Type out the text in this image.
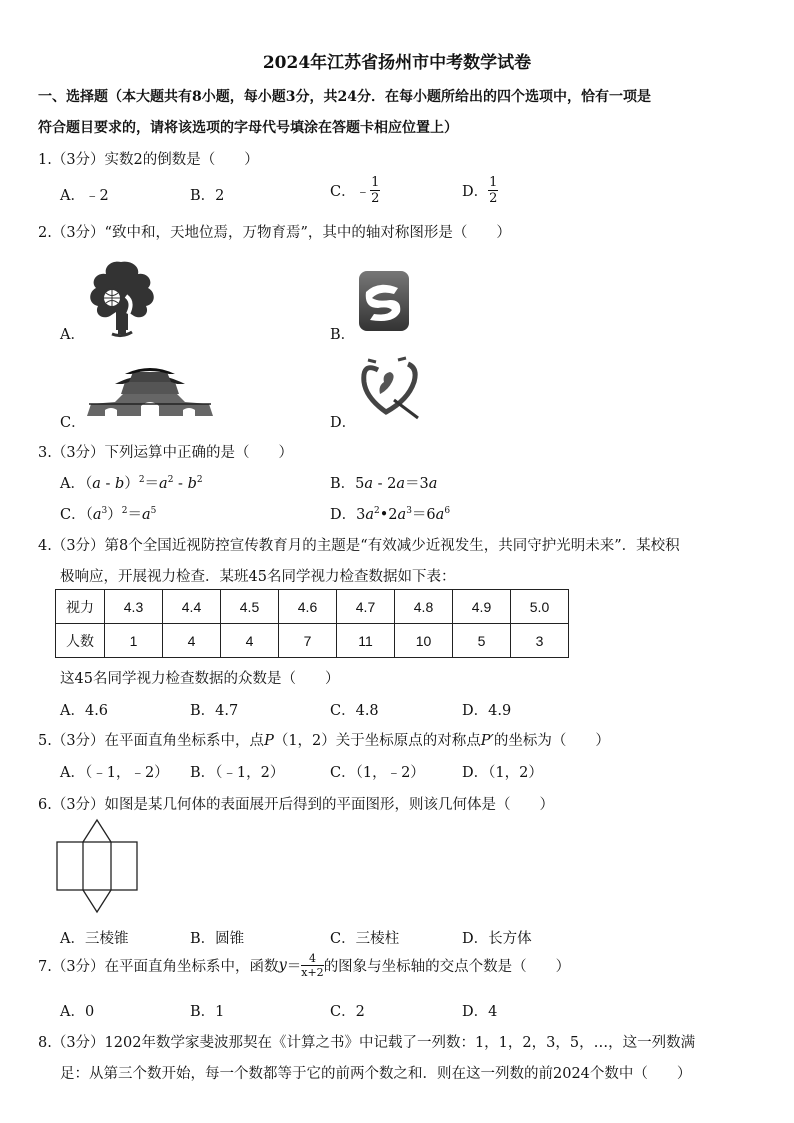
2024年江苏省扬州市中考数学试卷
一、选择题（本大题共有8小题，每小题3分，共24分．在每小题所给出的四个选项中，恰有一项是
符合题目要求的，请将该选项的字母代号填涂在答题卡相应位置上）
1.（3分）实数2的倒数是（　　）
A．﹣2	B．2	C．﹣ $\frac{1}{2}$	D． $\frac{1}{2}$
2.（3分）“致中和，天地位焉，万物育焉”，其中的轴对称图形是（　　）
A．	B．
C．	D．
3.（3分）下列运算中正确的是（　　）
A．$(a - b)^2=a^2 - b^2$	B．5a - 2a＝3a
C．$(a^3)^2=a^5$	D．$3a^2•2a^3=6a^6$
4.（3分）第8个全国近视防控宣传教育月的主题是“有效减少近视发生，共同守护光明未来”．某校积
极响应，开展视力检查．某班45名同学视力检查数据如下表：
视力	4.3	4.4	4.5	4.6	4.7	4.8	4.9	5.0
人数	1	4	4	7	11	10	5	3
这45名同学视力检查数据的众数是（　　）
A．4.6	B．4.7	C．4.8	D．4.9
5.（3分）在平面直角坐标系中，点P（1，2）关于坐标原点的对称点P′的坐标为（　　）
A．（﹣1，﹣2） B．（﹣1，2）	C．（1，﹣2）	D．（1，2）
6.（3分）如图是某几何体的表面展开后得到的平面图形，则该几何体是（　　）
A．三棱锥	B．圆锥	C．三棱柱	D．长方体
7.（3分）在平面直角坐标系中，函数$y= \frac{4}{x+2}$ 的图象与坐标轴的交点个数是（　　）
A．0	B．1	C．2	D．4
8.（3分）1202年数学家斐波那契在《计算之书》中记载了一列数：1，1，2，3，5，…，这一列数满
足：从第三个数开始，每一个数都等于它的前两个数之和．则在这一列数的前2024个数中（　　）
